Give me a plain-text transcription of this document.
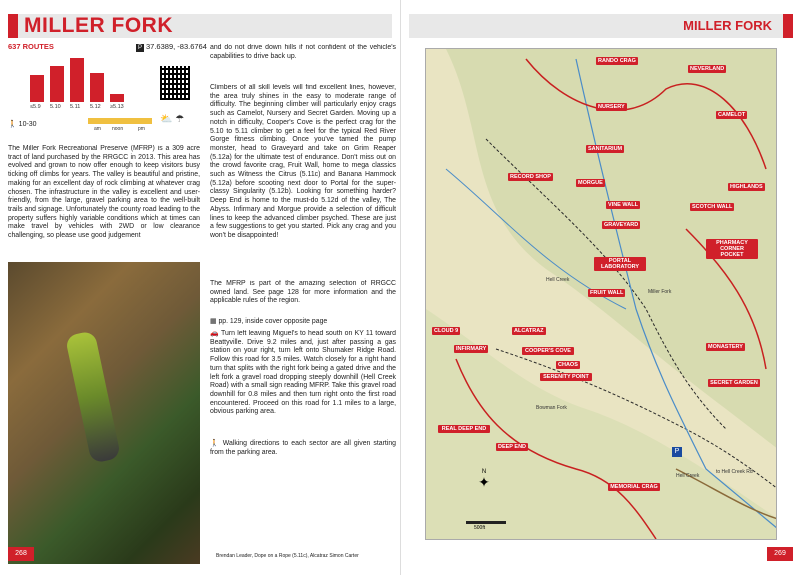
MILLER FORK
637 ROUTES	P 37.6389, -83.6764
🚶 10-30
am noon	pm
⛅ ☂
The Miller Fork Recreational Preserve (MFRP) is a 309 acre tract of land purchased by the RRGCC in 2013. This area has evolved and grown to now offer enough to keep visitors busy ticking off climbs for years. The valley is beautiful and pristine, making for an excellent day of rock climbing at whatever crag chosen. The infrastructure in the valley is excellent and user-friendly, from the large, gravel parking area to the well-built trails and signage. Unfortunately the county road leading to the property suffers highly variable conditions which at times can make travel by vehicles with 2WD or low clearance challenging, so please use good judgement
and do not drive down hills if not confident of the vehicle's capabilities to drive back up.
Climbers of all skill levels will find excellent lines, however, the area truly shines in the easy to moderate range of difficulty. The beginning climber will particularly enjoy crags such as Camelot, Nursery and Secret Garden. Moving up a notch in difficulty, Cooper's Cove is the perfect crag for the 5.10 to 5.11 climber to get a feel for the typical Red River Gorge fitness climbing. Once you've tamed the pump monster, head to Graveyard and take on Grim Reaper (5.12a) for the ultimate test of endurance. Don't miss out on the crowd favorite crag, Fruit Wall, home to mega classics such as Witness the Citrus (5.11c) and Banana Hammock (5.12a) before scooting next door to Portal for the super-classy Singularity (5.12b). Looking for something harder? Deep End is home to the must-do 5.12d of the valley, The Abyss. Infirmary and Morgue provide a selection of difficult lines to keep the advanced climber psyched. These are just a few suggestions to get you started. Pick any crag and you won't be disappointed!
The MFRP is part of the amazing selection of RRGCC owned land. See page 128 for more information and the applicable rules of the region.
▦ pp. 129, inside cover opposite page
🚗 Turn left leaving Miguel's to head south on KY 11 toward Beattyville. Drive 9.2 miles and, just after passing a gas station on your right, turn left onto Shumaker Ridge Road. Follow this road for 3.5 miles. Watch closely for a right hand turn that splits with the right fork being a gated drive and the left fork a gravel road dropping steeply downhill (Hell Creek Road) with a small sign reading MFRP. Take this gravel road downhill for 0.8 miles and then turn right onto the first road encountered. Proceed on this road for 1.1 miles to a large, obvious parking area.
🚶 Walking directions to each sector are all given starting from the parking area.
268	Brendan Leader, Dope on a Rope (5.11c), Alcatraz Simon Carter
≤5.9 5.10 5.11 5.12 ≥5.13
MILLER FORK
RANDO CRAG
NEVERLAND
NURSERY
CAMELOT
SANITARIUM
RECORD SHOP
MORGUE
HIGHLANDS
VINE WALL	SCOTCH WALL
GRAVEYARD
PHARMACY CORNER POCKET
PORTAL LABORATORY
FRUIT WALL
CLOUD 9	ALCATRAZ
INFIRMARY	COOPER'S COVE
MONASTERY
CHAOS
SERENITY POINT
SECRET GARDEN
REAL DEEP END
DEEP END
MEMORIAL CRAG
Hell Creek
Miller Fork
Bowman Fork
Hell Creek
to Hell Creek Rd
P
N
✦
500ft
269
